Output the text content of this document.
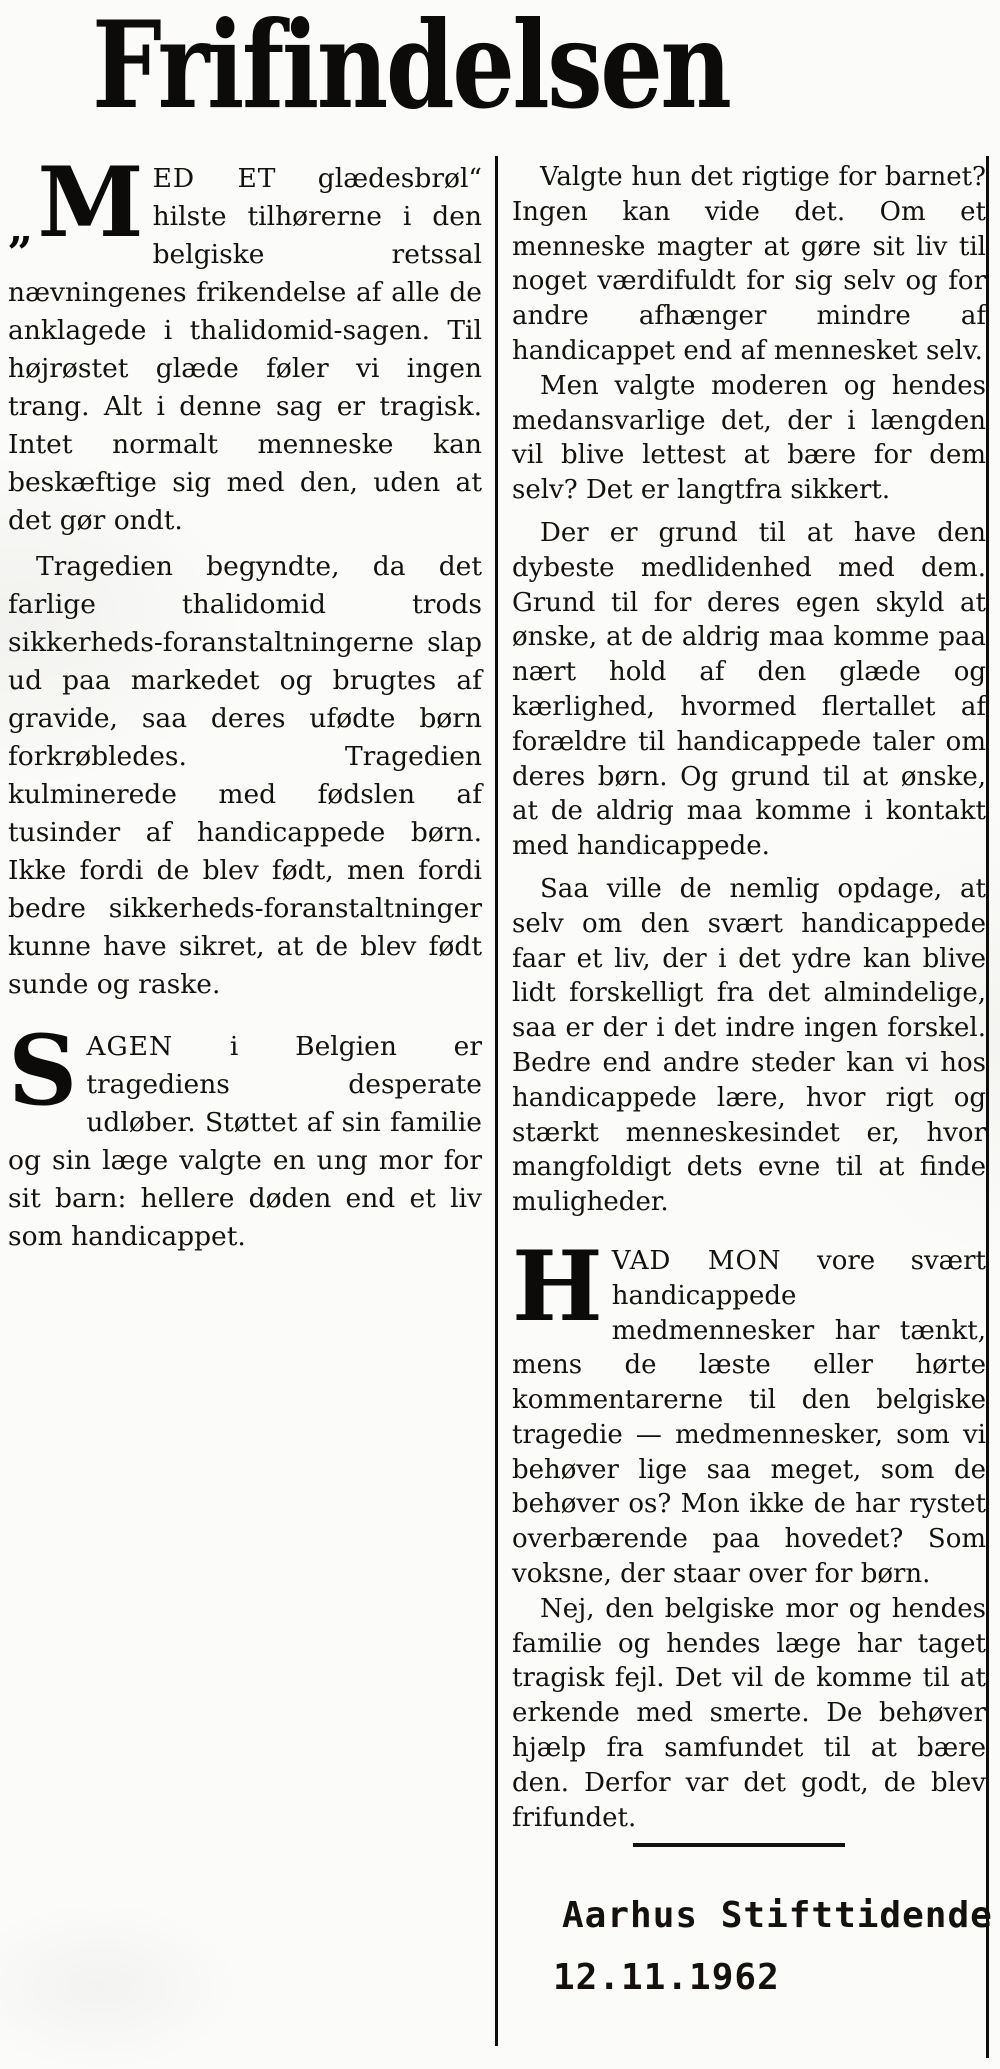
Frifindelsen

„ M ED ET glædesbrøl“ hilste tilhørerne i den belgiske retssal nævningenes frikendelse af alle de anklagede i thalidomid-sagen. Til højrøstet glæde føler vi ingen trang. Alt i denne sag er tragisk. Intet normalt menneske kan beskæftige sig med den, uden at det gør ondt.

Tragedien begyndte, da det farlige thalidomid trods sikkerheds-foranstaltningerne slap ud paa markedet og brugtes af gravide, saa deres ufødte børn forkrøbledes. Tragedien kulminerede med fødslen af tusinder af handicappede børn. Ikke fordi de blev født, men fordi bedre sikkerheds-foranstaltninger kunne have sikret, at de blev født sunde og raske.

S AGEN i Belgien er tragediens desperate udløber. Støttet af sin familie og sin læge valgte en ung mor for sit barn: hellere døden end et liv som handicappet.

Valgte hun det rigtige for barnet? Ingen kan vide det. Om et menneske magter at gøre sit liv til noget værdifuldt for sig selv og for andre afhænger mindre af handicappet end af mennesket selv.

Men valgte moderen og hendes medansvarlige det, der i længden vil blive lettest at bære for dem selv? Det er langtfra sikkert.

Der er grund til at have den dybeste medlidenhed med dem. Grund til for deres egen skyld at ønske, at de aldrig maa komme paa nært hold af den glæde og kærlighed, hvormed flertallet af forældre til handicappede taler om deres børn. Og grund til at ønske, at de aldrig maa komme i kontakt med handicappede.

Saa ville de nemlig opdage, at selv om den svært handicappede faar et liv, der i det ydre kan blive lidt forskelligt fra det almindelige, saa er der i det indre ingen forskel. Bedre end andre steder kan vi hos handicappede lære, hvor rigt og stærkt menneskesindet er, hvor mangfoldigt dets evne til at finde muligheder.

H VAD MON vore svært handicappede medmennesker har tænkt, mens de læste eller hørte kommentarerne til den belgiske tragedie — medmennesker, som vi behøver lige saa meget, som de behøver os? Mon ikke de har rystet overbærende paa hovedet? Som voksne, der staar over for børn.

Nej, den belgiske mor og hendes familie og hendes læge har taget tragisk fejl. Det vil de komme til at erkende med smerte. De behøver hjælp fra samfundet til at bære den. Derfor var det godt, de blev frifundet.

Aarhus Stifttidende
12.11.1962
